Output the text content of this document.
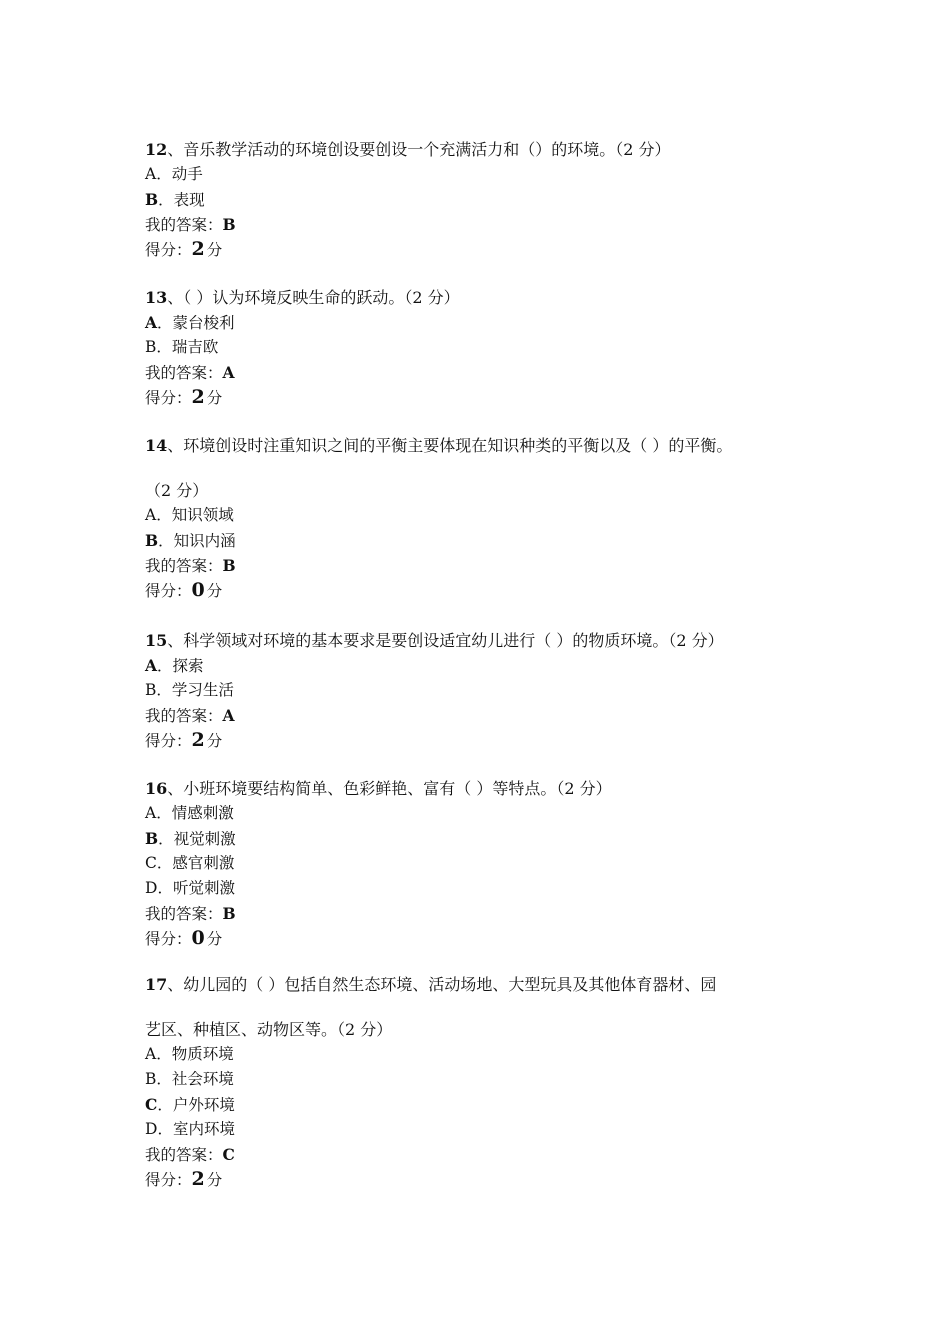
12、音乐教学活动的环境创设要创设一个充满活力和（）的环境。（2 分）
A．动手
B．表现
我的答案：B
得分：2 分
13、（ ）认为环境反映生命的跃动。（2 分）
A．蒙台梭利
B．瑞吉欧
我的答案：A
得分：2 分
14、环境创设时注重知识之间的平衡主要体现在知识种类的平衡以及（ ）的平衡。
（2 分）
A．知识领域
B．知识内涵
我的答案：B
得分：0 分
15、科学领域对环境的基本要求是要创设适宜幼儿进行（ ）的物质环境。（2 分）
A．探索
B．学习生活
我的答案：A
得分：2 分
16、小班环境要结构简单、色彩鲜艳、富有（ ）等特点。（2 分）
A．情感刺激
B．视觉刺激
C．感官刺激
D．听觉刺激
我的答案：B
得分：0 分
17、幼儿园的（ ）包括自然生态环境、活动场地、大型玩具及其他体育器材、园
艺区、种植区、动物区等。（2 分）
A．物质环境
B．社会环境
C．户外环境
D．室内环境
我的答案：C
得分：2 分
